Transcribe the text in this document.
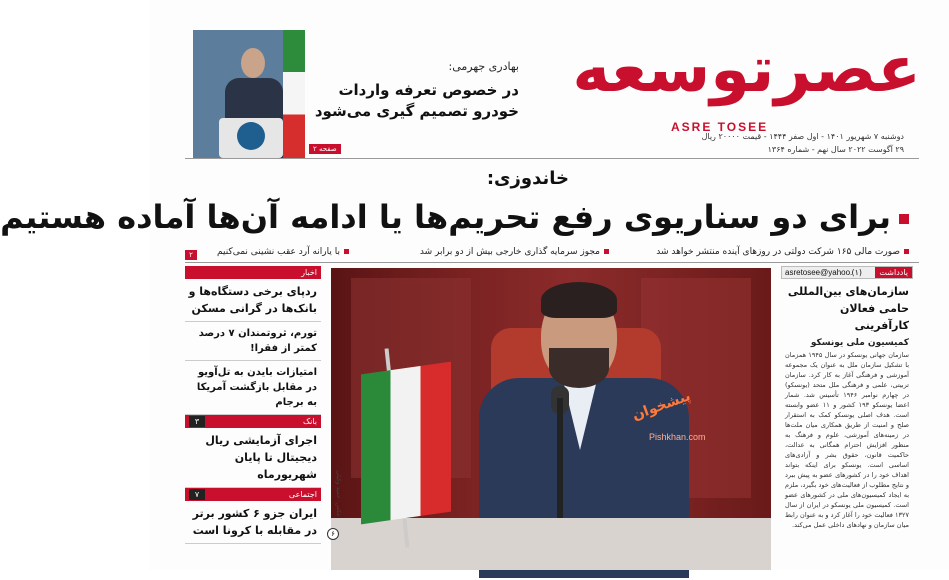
عصرتوسعه
ASRE TOSEE
دوشنبه ۷ شهریور ۱۴۰۱ - اول صفر ۱۴۴۴ - قیمت ۲۰۰۰۰ ریال
۲۹ آگوست ۲۰۲۲ سال نهم - شماره ۱۳۶۴
بهادری جهرمی:
در خصوص تعرفه واردات خودرو تصمیم گیری می‌شود
صفحه ۲
خاندوزی:
برای دو سناریوی رفع تحریم‌ها یا ادامه آن‌ها آماده هستیم
صورت مالی ۱۶۵ شرکت دولتی در روزهای آینده منتشر خواهد شد
مجوز سرمایه گذاری خارجی بیش از دو برابر شد
با یارانه آرد عقب نشینی نمی‌کنیم
۲
اخبار
ردپای برخی دستگاه‌ها و بانک‌ها در گرانی مسکن
تورم، ثروتمندان ۷ درصد کمتر از فقرا!
امتیازات بایدن به تل‌آویو در مقابل بازگشت آمریکا به برجام
بانک
۳
اجرای آزمایشی ریال دیجیتال تا پایان شهریورماه
اجتماعی
۷
ایران جزو ۶ کشور برتر در مقابله با کرونا است
پیشخوان
Pishkhan.com
عکس: حمید وکیلی
۶
یادداشت
(۱)
asretosee@yahoo.
سازمان‌های بین‌المللی حامی فعالان کارآفرینی
کمیسیون ملی یونسکو
سازمان جهانی یونسکو در سال ۱۹۴۵ همزمان با تشکیل سازمان ملل به عنوان یک مجموعه آموزشی و فرهنگی آغاز به کار کرد. سازمان تربیتی، علمی و فرهنگی ملل متحد (یونسکو) در چهارم نوامبر ۱۹۴۶ تأسیس شد. شمار اعضا یونسکو ۱۹۳ کشور و ۱۱ عضو وابسته است. هدف اصلی یونسکو کمک به استقرار صلح و امنیت از طریق همکاری میان ملت‌ها در زمینه‌های آموزشی، علوم و فرهنگ به منظور افزایش احترام همگانی به عدالت، حاکمیت قانون، حقوق بشر و آزادی‌های اساسی است. یونسکو برای اینکه بتواند اهداف خود را در کشورهای عضو به پیش ببرد و نتایج مطلوب از فعالیت‌های خود بگیرد، ملزم به ایجاد کمیسیون‌های ملی در کشورهای عضو است. کمیسیون ملی یونسکو در ایران از سال ۱۳۲۷ فعالیت خود را آغاز کرد و به عنوان رابط میان سازمان و نهادهای داخلی عمل می‌کند.
